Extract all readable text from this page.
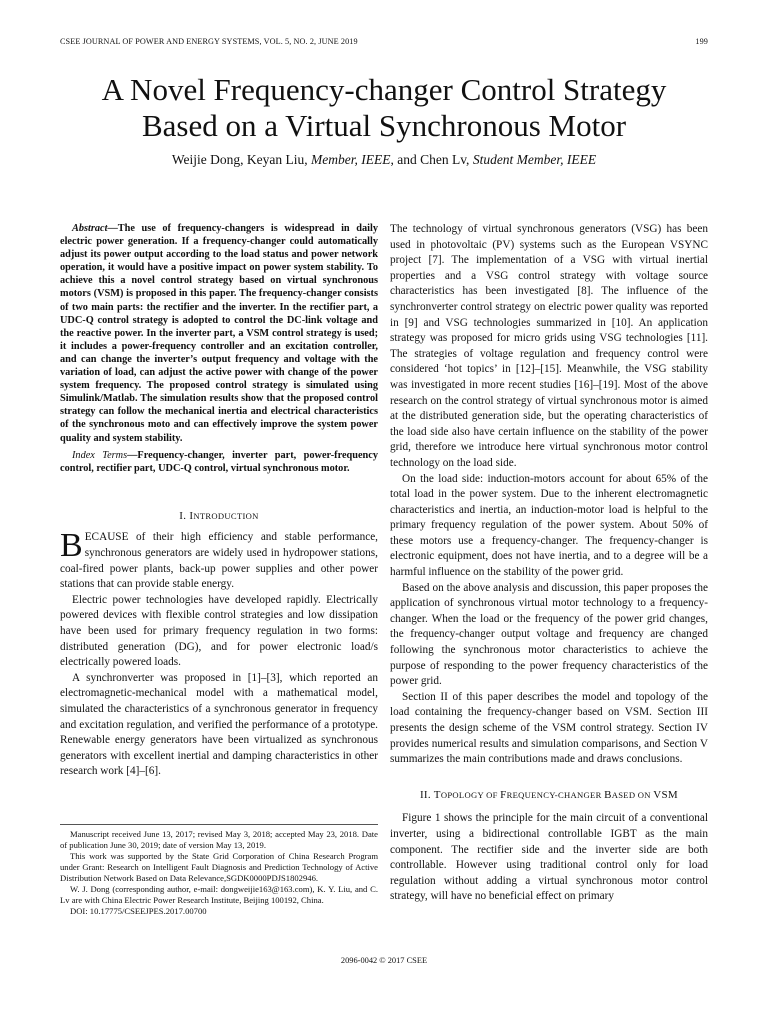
CSEE JOURNAL OF POWER AND ENERGY SYSTEMS, VOL. 5, NO. 2, JUNE 2019	199
A Novel Frequency-changer Control Strategy
Based on a Virtual Synchronous Motor
Weijie Dong, Keyan Liu, Member, IEEE, and Chen Lv, Student Member, IEEE

Abstract—The use of frequency-changers is widespread in daily electric power generation. If a frequency-changer could automatically adjust its power output according to the load status and power network operation, it would have a positive impact on power system stability. To achieve this a novel control strategy based on virtual synchronous motors (VSM) is proposed in this paper. The frequency-changer consists of two main parts: the rectifier and the inverter. In the rectifier part, a UDC-Q control strategy is adopted to control the DC-link voltage and the reactive power. In the inverter part, a VSM control strategy is used; it includes a power-frequency controller and an excitation controller, and can change the inverter’s output frequency and voltage with the variation of load, can adjust the active power with change of the power system frequency. The proposed control strategy is simulated using Simulink/Matlab. The simulation results show that the proposed control strategy can follow the mechanical inertia and electrical characteristics of the synchronous moto and can effectively improve the system power quality and system stability.

Index Terms—Frequency-changer, inverter part, power-frequency control, rectifier part, UDC-Q control, virtual synchronous motor.

I. INTRODUCTION

BECAUSE of their high efficiency and stable performance, synchronous generators are widely used in hydropower stations, coal-fired power plants, back-up power supplies and other power stations that can provide stable energy.

Electric power technologies have developed rapidly. Electrically powered devices with flexible control strategies and low dissipation have been used for primary frequency regulation in two forms: distributed generation (DG), and for power electronic load/s electrically powered loads.

A synchronverter was proposed in [1]–[3], which reported an electromagnetic-mechanical model with a mathematical model, simulated the characteristics of a synchronous generator in frequency and excitation regulation, and verified the performance of a prototype. Renewable energy generators have been virtualized as synchronous generators with excellent inertial and damping characteristics in other research work [4]–[6].

Manuscript received June 13, 2017; revised May 3, 2018; accepted May 23, 2018. Date of publication June 30, 2019; date of version May 13, 2019.

This work was supported by the State Grid Corporation of China Research Program under Grant: Research on Intelligent Fault Diagnosis and Prediction Technology of Active Distribution Network Based on Data Relevance,SGDK0000PDJS1802946.

W. J. Dong (corresponding author, e-mail: dongweijie163@163.com), K. Y. Liu, and C. Lv are with China Electric Power Research Institute, Beijing 100192, China.

DOI: 10.17775/CSEEJPES.2017.00700

The technology of virtual synchronous generators (VSG) has been used in photovoltaic (PV) systems such as the European VSYNC project [7]. The implementation of a VSG with virtual inertial properties and a VSG control strategy with voltage source characteristics has been investigated [8]. The influence of the synchronverter control strategy on electric power quality was reported in [9] and VSG technologies summarized in [10]. An application strategy was proposed for micro grids using VSG technologies [11]. The strategies of voltage regulation and frequency control were considered ‘hot topics’ in [12]–[15]. Meanwhile, the VSG stability was investigated in more recent studies [16]–[19]. Most of the above research on the control strategy of virtual synchronous motor is aimed at the distributed generation side, but the operating characteristics of the load side also have certain influence on the stability of the power grid, therefore we introduce here virtual synchronous motor control technology on the load side.

On the load side: induction-motors account for about 65% of the total load in the power system. Due to the inherent electromagnetic characteristics and inertia, an induction-motor load is helpful to the primary frequency regulation of the power system. About 50% of these motors use a frequency-changer. The frequency-changer is electronic equipment, does not have inertia, and to a degree will be a harmful influence on the stability of the power grid.

Based on the above analysis and discussion, this paper proposes the application of synchronous virtual motor technology to a frequency-changer. When the load or the frequency of the power grid changes, the frequency-changer output voltage and frequency are changed following the synchronous motor characteristics to achieve the purpose of responding to the power frequency characteristics of the power grid.

Section II of this paper describes the model and topology of the load containing the frequency-changer based on VSM. Section III presents the design scheme of the VSM control strategy. Section IV provides numerical results and simulation comparisons, and Section V summarizes the main contributions made and draws conclusions.

II. TOPOLOGY OF FREQUENCY-CHANGER BASED ON VSM

Figure 1 shows the principle for the main circuit of a conventional inverter, using a bidirectional controllable IGBT as the main component. The rectifier side and the inverter side are both controllable. However using traditional control only for load regulation without adding a virtual synchronous motor control strategy, will have no beneficial effect on primary

2096-0042 © 2017 CSEE
